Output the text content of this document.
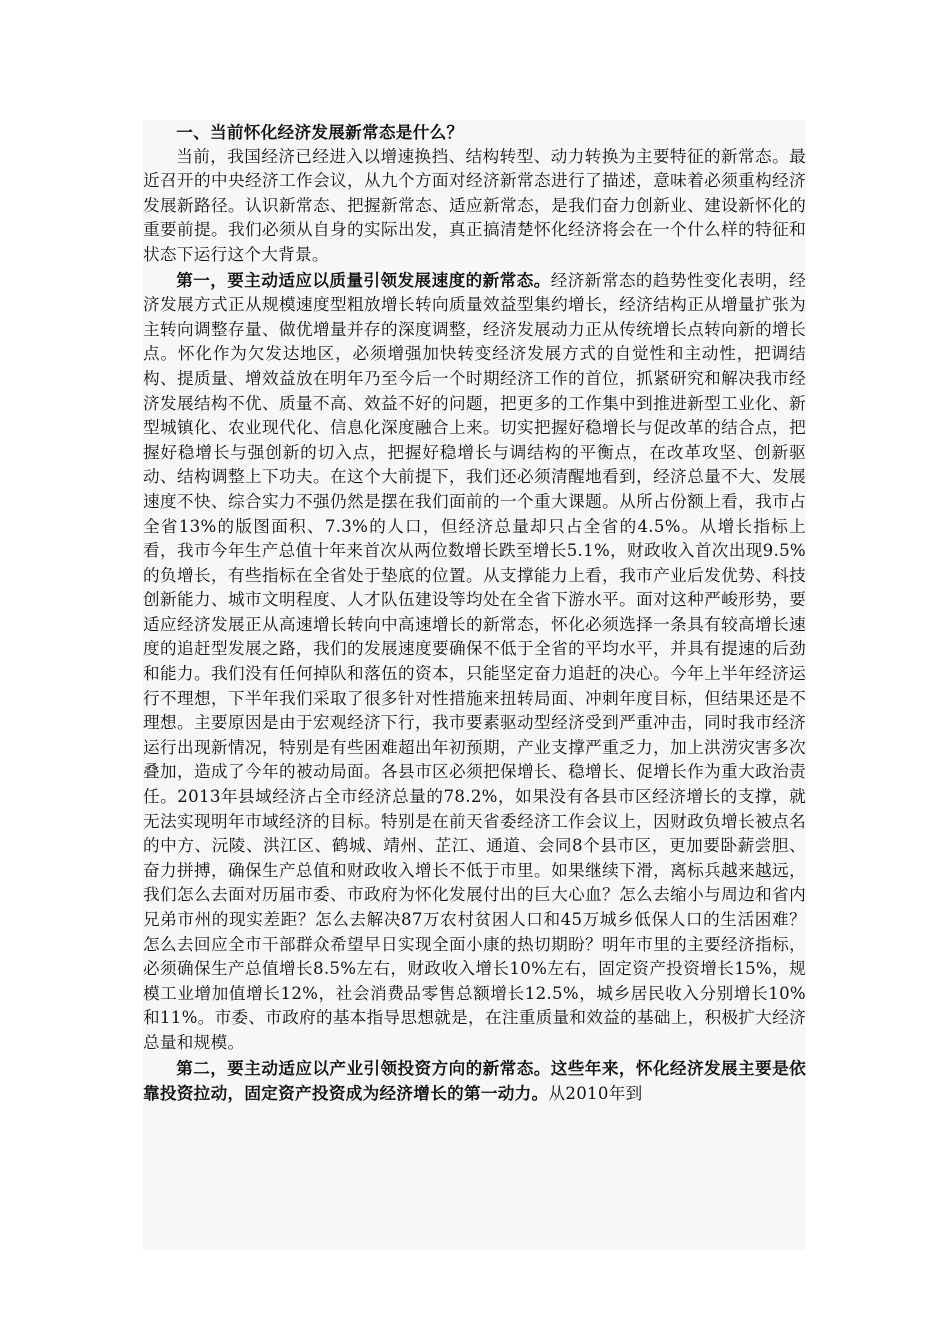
一、当前怀化经济发展新常态是什么？

当前，我国经济已经进入以增速换挡、结构转型、动力转换为主要特征的新常态。最近召开的中央经济工作会议，从九个方面对经济新常态进行了描述，意味着必须重构经济发展新路径。认识新常态、把握新常态、适应新常态，是我们奋力创新业、建设新怀化的重要前提。我们必须从自身的实际出发，真正搞清楚怀化经济将会在一个什么样的特征和状态下运行这个大背景。

第一，要主动适应以质量引领发展速度的新常态。经济新常态的趋势性变化表明，经济发展方式正从规模速度型粗放增长转向质量效益型集约增长，经济结构正从增量扩张为主转向调整存量、做优增量并存的深度调整，经济发展动力正从传统增长点转向新的增长点。怀化作为欠发达地区，必须增强加快转变经济发展方式的自觉性和主动性，把调结构、提质量、增效益放在明年乃至今后一个时期经济工作的首位，抓紧研究和解决我市经济发展结构不优、质量不高、效益不好的问题，把更多的工作集中到推进新型工业化、新型城镇化、农业现代化、信息化深度融合上来。切实把握好稳增长与促改革的结合点，把握好稳增长与强创新的切入点，把握好稳增长与调结构的平衡点，在改革攻坚、创新驱动、结构调整上下功夫。在这个大前提下，我们还必须清醒地看到，经济总量不大、发展速度不快、综合实力不强仍然是摆在我们面前的一个重大课题。从所占份额上看，我市占全省13%的版图面积、7.3%的人口，但经济总量却只占全省的4.5%。从增长指标上看，我市今年生产总值十年来首次从两位数增长跌至增长5.1%，财政收入首次出现9.5%的负增长，有些指标在全省处于垫底的位置。从支撑能力上看，我市产业后发优势、科技创新能力、城市文明程度、人才队伍建设等均处在全省下游水平。面对这种严峻形势，要适应经济发展正从高速增长转向中高速增长的新常态，怀化必须选择一条具有较高增长速度的追赶型发展之路，我们的发展速度要确保不低于全省的平均水平，并具有提速的后劲和能力。我们没有任何掉队和落伍的资本，只能坚定奋力追赶的决心。今年上半年经济运行不理想，下半年我们采取了很多针对性措施来扭转局面、冲刺年度目标，但结果还是不理想。主要原因是由于宏观经济下行，我市要素驱动型经济受到严重冲击，同时我市经济运行出现新情况，特别是有些困难超出年初预期，产业支撑严重乏力，加上洪涝灾害多次叠加，造成了今年的被动局面。各县市区必须把保增长、稳增长、促增长作为重大政治责任。2013年县域经济占全市经济总量的78.2%，如果没有各县市区经济增长的支撑，就无法实现明年市域经济的目标。特别是在前天省委经济工作会议上，因财政负增长被点名的中方、沅陵、洪江区、鹤城、靖州、芷江、通道、会同8个县市区，更加要卧薪尝胆、奋力拼搏，确保生产总值和财政收入增长不低于市里。如果继续下滑，离标兵越来越远，我们怎么去面对历届市委、市政府为怀化发展付出的巨大心血？怎么去缩小与周边和省内兄弟市州的现实差距？怎么去解决87万农村贫困人口和45万城乡低保人口的生活困难？怎么去回应全市干部群众希望早日实现全面小康的热切期盼？明年市里的主要经济指标，必须确保生产总值增长8.5%左右，财政收入增长10%左右，固定资产投资增长15%，规模工业增加值增长12%，社会消费品零售总额增长12.5%，城乡居民收入分别增长10%和11%。市委、市政府的基本指导思想就是，在注重质量和效益的基础上，积极扩大经济总量和规模。

第二，要主动适应以产业引领投资方向的新常态。这些年来，怀化经济发展主要是依靠投资拉动，固定资产投资成为经济增长的第一动力。从2010年到
